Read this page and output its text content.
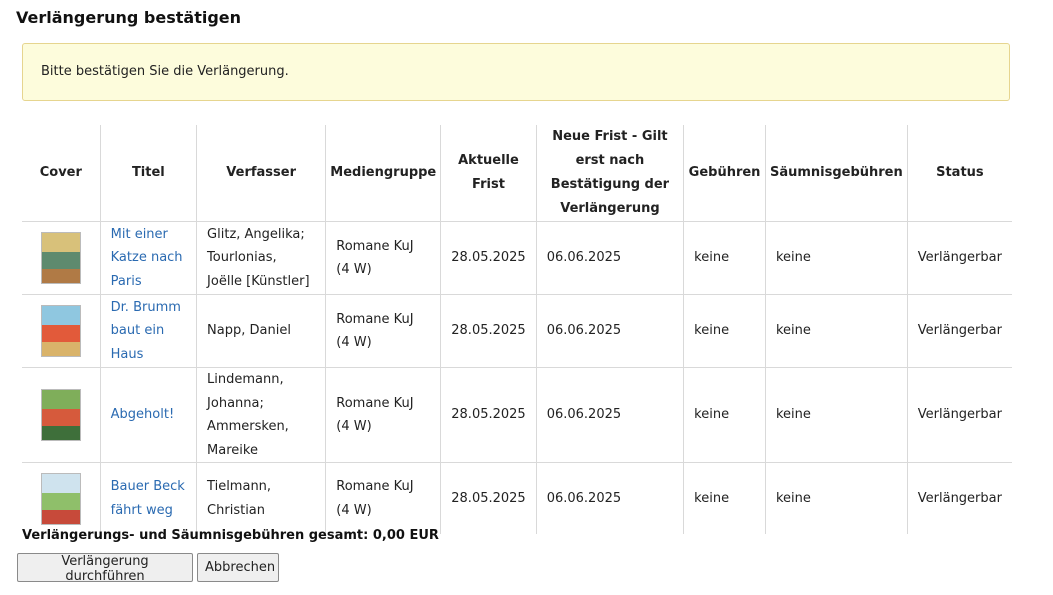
Verlängerung bestätigen
Bitte bestätigen Sie die Verlängerung.
Cover	Titel	Verfasser	Mediengruppe	Aktuelle Frist	Neue Frist - Gilt erst nach Bestätigung der Verlängerung	Gebühren	Säumnisgebühren	Status
	Mit einer Katze nach Paris	Glitz, Angelika; Tourlonias, Joëlle [Künstler]	Romane KuJ (4 W)	28.05.2025	06.06.2025	keine	keine	Verlängerbar
	Dr. Brumm baut ein Haus	Napp, Daniel	Romane KuJ (4 W)	28.05.2025	06.06.2025	keine	keine	Verlängerbar
	Abgeholt!	Lindemann, Johanna; Ammersken, Mareike	Romane KuJ (4 W)	28.05.2025	06.06.2025	keine	keine	Verlängerbar
	Bauer Beck fährt weg	Tielmann, Christian	Romane KuJ (4 W)	28.05.2025	06.06.2025	keine	keine	Verlängerbar

Verlängerungs- und Säumnisgebühren gesamt: 0,00 EUR

Verlängerung durchführen
Abbrechen
